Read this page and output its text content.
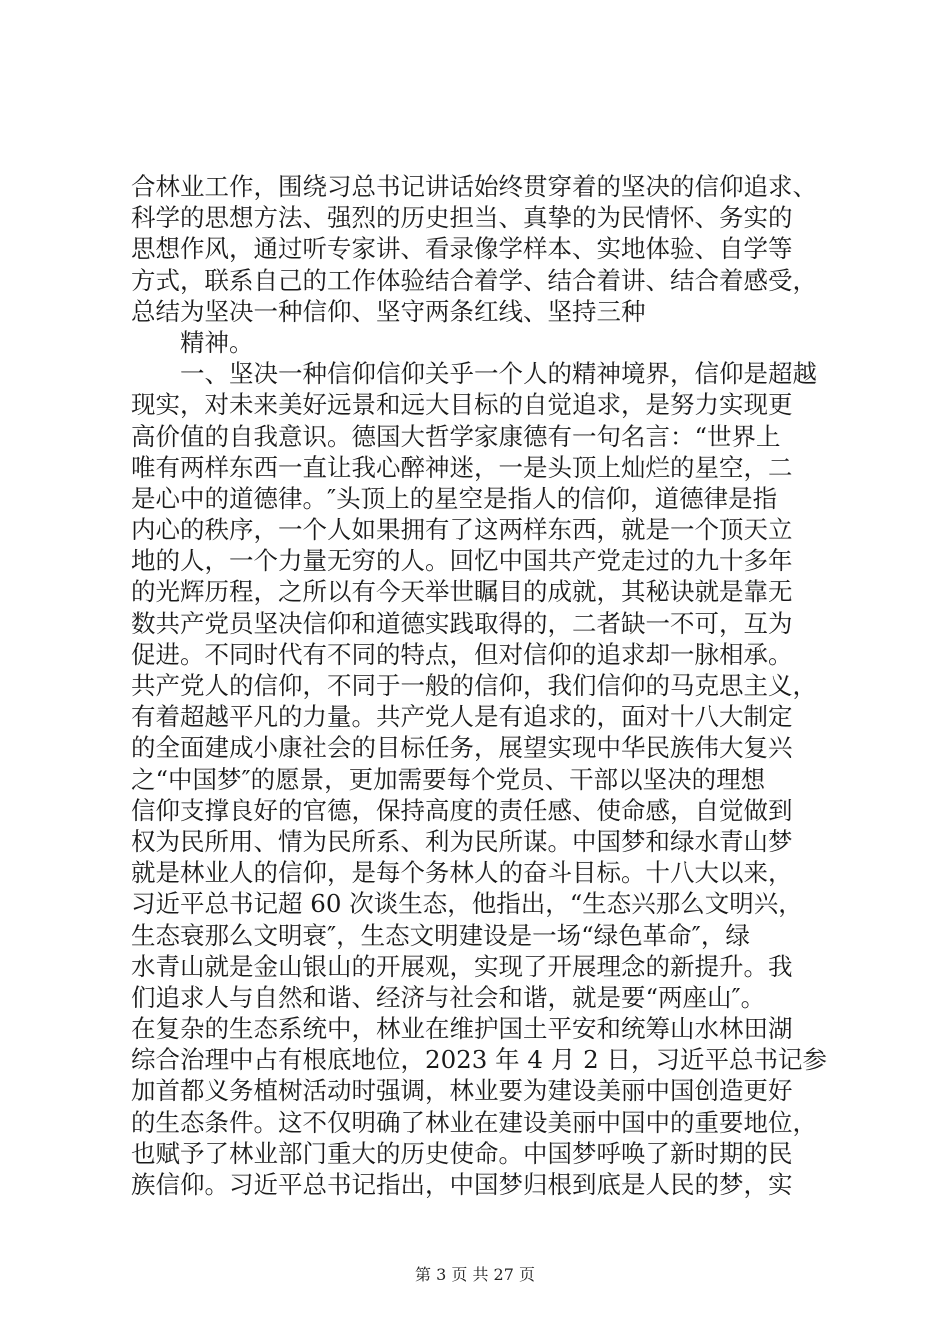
合林业工作，围绕习总书记讲话始终贯穿着的坚决的信仰追求、
科学的思想方法、强烈的历史担当、真挚的为民情怀、务实的
思想作风，通过听专家讲、看录像学样本、实地体验、自学等
方式，联系自己的工作体验结合着学、结合着讲、结合着感受，
总结为坚决一种信仰、坚守两条红线、坚持三种
精神。
一、坚决一种信仰信仰关乎一个人的精神境界，信仰是超越
现实，对未来美好远景和远大目标的自觉追求，是努力实现更
高价值的自我意识。德国大哲学家康德有一句名言：“世界上
唯有两样东西一直让我心醉神迷，一是头顶上灿烂的星空，二
是心中的道德律。″头顶上的星空是指人的信仰，道德律是指
内心的秩序，一个人如果拥有了这两样东西，就是一个顶天立
地的人，一个力量无穷的人。回忆中国共产党走过的九十多年
的光辉历程，之所以有今天举世瞩目的成就，其秘诀就是靠无
数共产党员坚决信仰和道德实践取得的，二者缺一不可，互为
促进。不同时代有不同的特点，但对信仰的追求却一脉相承。
共产党人的信仰，不同于一般的信仰，我们信仰的马克思主义，
有着超越平凡的力量。共产党人是有追求的，面对十八大制定
的全面建成小康社会的目标任务，展望实现中华民族伟大复兴
之“中国梦″的愿景，更加需要每个党员、干部以坚决的理想
信仰支撑良好的官德，保持高度的责任感、使命感，自觉做到
权为民所用、情为民所系、利为民所谋。中国梦和绿水青山梦
就是林业人的信仰，是每个务林人的奋斗目标。十八大以来，
习近平总书记超 60 次谈生态，他指出，“生态兴那么文明兴，
生态衰那么文明衰″，生态文明建设是一场“绿色革命″，绿
水青山就是金山银山的开展观，实现了开展理念的新提升。我
们追求人与自然和谐、经济与社会和谐，就是要“两座山″。
在复杂的生态系统中，林业在维护国土平安和统筹山水林田湖
综合治理中占有根底地位，2023 年 4 月 2 日，习近平总书记参
加首都义务植树活动时强调，林业要为建设美丽中国创造更好
的生态条件。这不仅明确了林业在建设美丽中国中的重要地位，
也赋予了林业部门重大的历史使命。中国梦呼唤了新时期的民
族信仰。习近平总书记指出，中国梦归根到底是人民的梦，实
第 3 页 共 27 页
